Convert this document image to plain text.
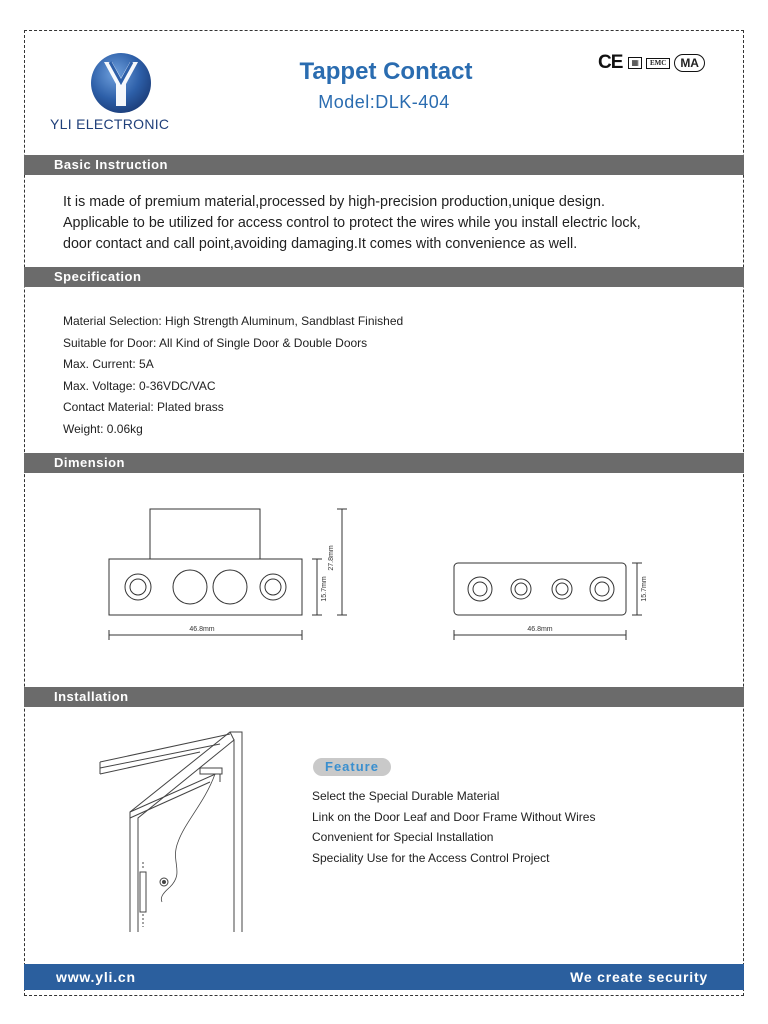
YLI ELECTRONIC
Tappet Contact
Model:DLK-404
CE	▦	EMC	MA
Basic Instruction
It is made of premium material,processed by high-precision production,unique design.
Applicable to be utilized for access control to protect the wires while you install electric lock,
door contact and call point,avoiding damaging.It comes with convenience as well.
Specification
Material Selection: High Strength Aluminum, Sandblast Finished
Suitable for Door: All Kind of Single Door & Double Doors
Max. Current: 5A
Max. Voltage: 0-36VDC/VAC
Contact Material: Plated brass
Weight: 0.06kg
Dimension
46.8mm
15.7mm
27.8mm
46.8mm
15.7mm
Installation
Feature
Select the Special Durable Material
Link on the Door Leaf and Door Frame Without Wires
Convenient for Special Installation
Speciality Use for the Access Control Project
www.yli.cn	We create security
